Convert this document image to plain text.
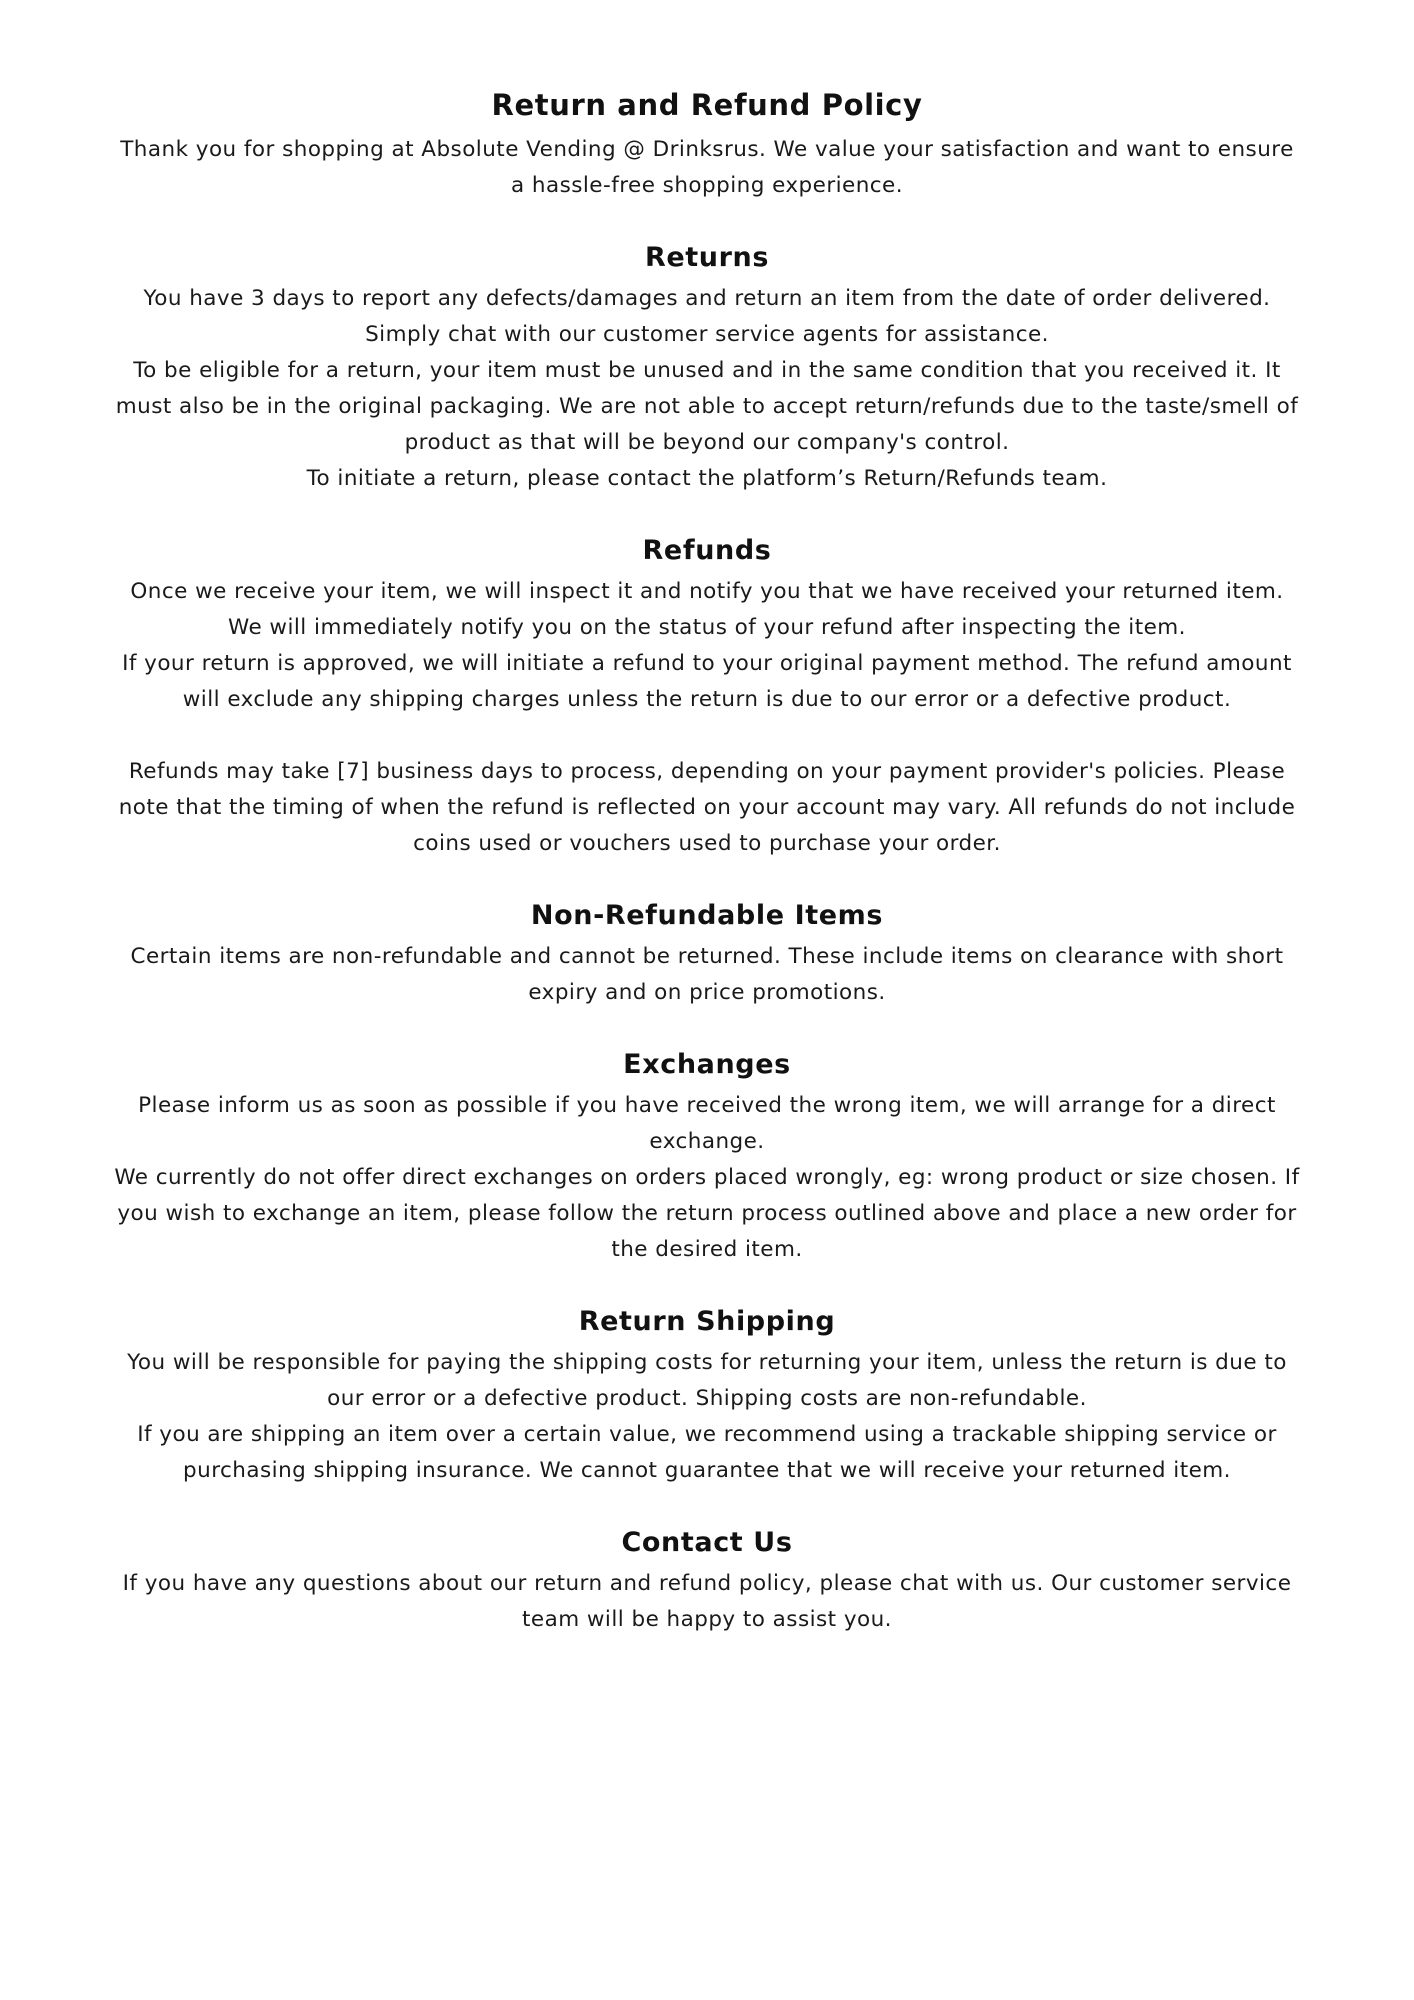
Return and Refund Policy

Thank you for shopping at Absolute Vending @ Drinksrus. We value your satisfaction and want to ensure a hassle-free shopping experience.

Returns

You have 3 days to report any defects/damages and return an item from the date of order delivered. Simply chat with our customer service agents for assistance.

To be eligible for a return, your item must be unused and in the same condition that you received it. It must also be in the original packaging. We are not able to accept return/refunds due to the taste/smell of product as that will be beyond our company's control.

To initiate a return, please contact the platform’s Return/Refunds team.

Refunds

Once we receive your item, we will inspect it and notify you that we have received your returned item. We will immediately notify you on the status of your refund after inspecting the item.

If your return is approved, we will initiate a refund to your original payment method. The refund amount will exclude any shipping charges unless the return is due to our error or a defective product.

Refunds may take [7] business days to process, depending on your payment provider's policies. Please note that the timing of when the refund is reflected on your account may vary. All refunds do not include coins used or vouchers used to purchase your order.

Non-Refundable Items

Certain items are non-refundable and cannot be returned. These include items on clearance with short expiry and on price promotions.

Exchanges

Please inform us as soon as possible if you have received the wrong item, we will arrange for a direct exchange.

We currently do not offer direct exchanges on orders placed wrongly, eg: wrong product or size chosen. If you wish to exchange an item, please follow the return process outlined above and place a new order for the desired item.

Return Shipping

You will be responsible for paying the shipping costs for returning your item, unless the return is due to our error or a defective product. Shipping costs are non-refundable.

If you are shipping an item over a certain value, we recommend using a trackable shipping service or purchasing shipping insurance. We cannot guarantee that we will receive your returned item.

Contact Us

If you have any questions about our return and refund policy, please chat with us. Our customer service team will be happy to assist you.
